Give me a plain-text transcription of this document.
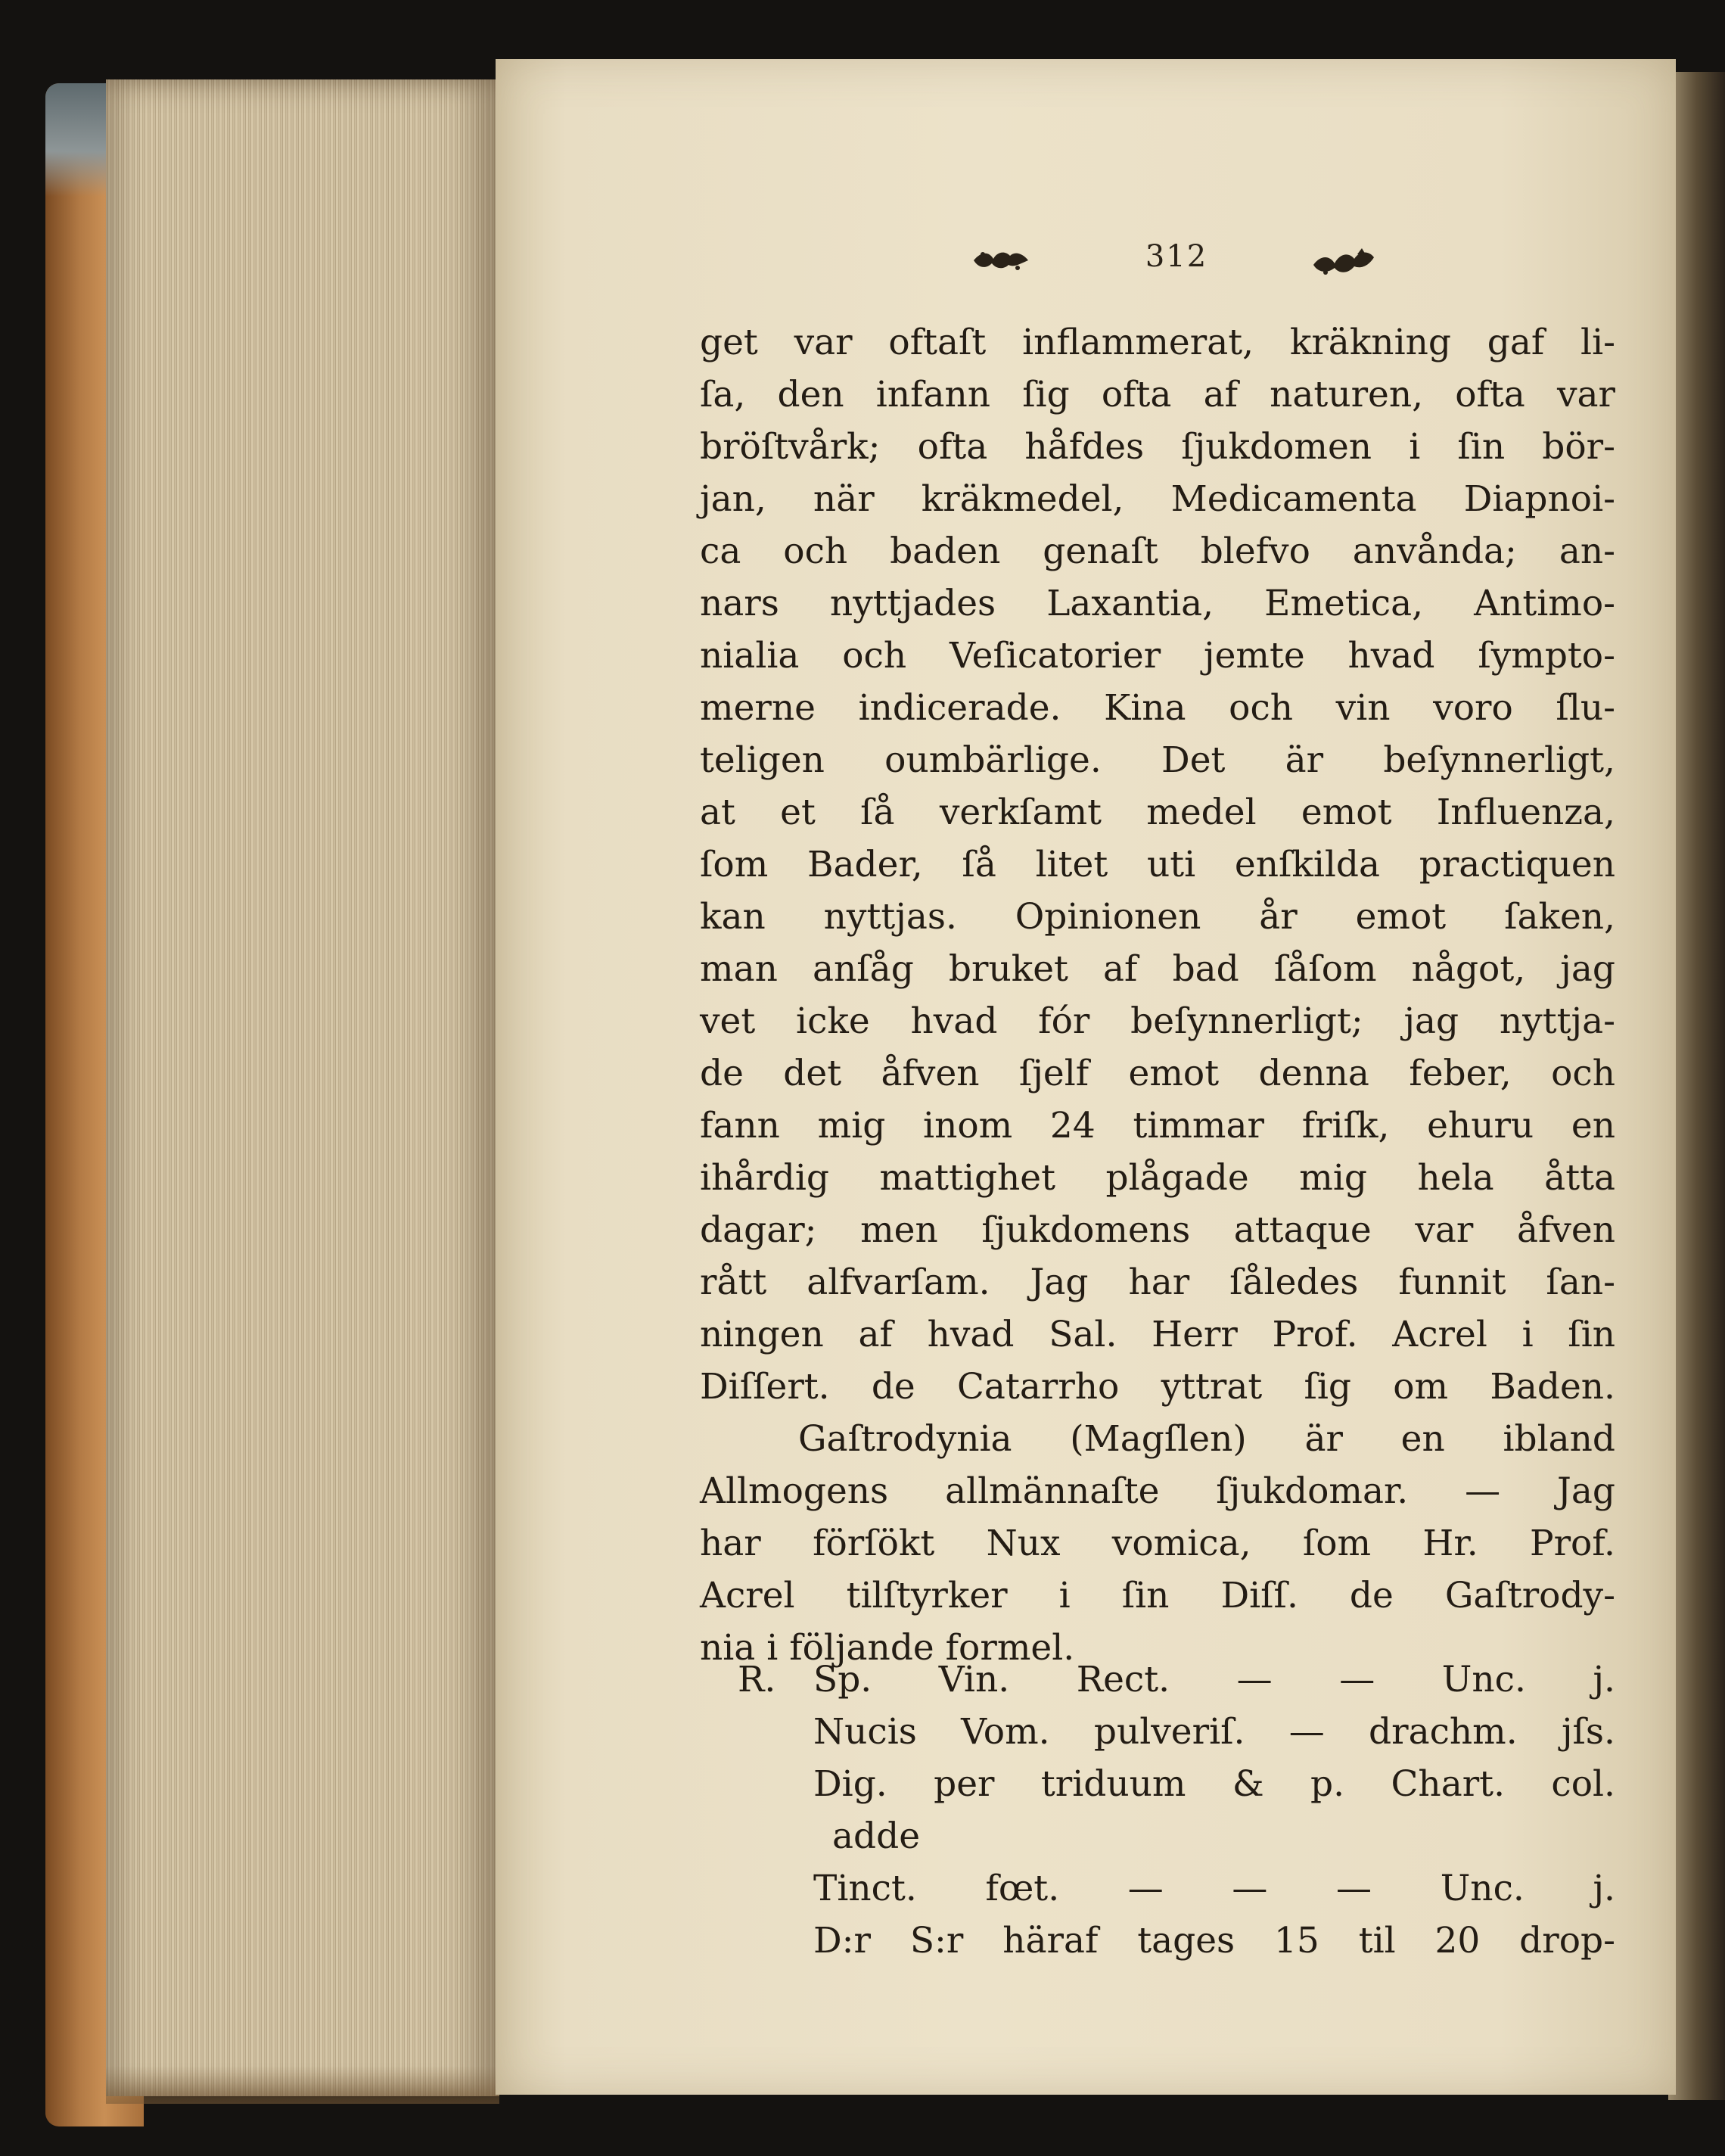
312
get var oftaſt inflammerat, kräkning gaf li-
ſa, den infann ſig ofta af naturen, ofta var
bröſtvårk; ofta håfdes ſjukdomen i ſin bör-
jan, när kräkmedel, Medicamenta Diapnoi-
ca och baden genaſt blefvo anvånda; an-
nars nyttjades Laxantia, Emetica, Antimo-
nialia och Veſicatorier jemte hvad ſympto-
merne indicerade. Kina och vin voro ſlu-
teligen oumbärlige. Det är beſynnerligt,
at et ſå verkſamt medel emot Influenza,
ſom Bader, ſå litet uti enſkilda practiquen
kan nyttjas. Opinionen år emot ſaken,
man anſåg bruket af bad ſåſom något, jag
vet icke hvad fór beſynnerligt; jag nyttja-
de det åfven ſjelf emot denna feber, och
fann mig inom 24 timmar friſk, ehuru en
ihårdig mattighet plågade mig hela åtta
dagar; men ſjukdomens attaque var åfven
rått alfvarſam. Jag har ſåledes funnit ſan-
ningen af hvad Sal. Herr Prof. Acrel i ſin
Diſſert. de Catarrho yttrat ſig om Baden.
Gaſtrodynia (Magſlen) är en ibland
Allmogens allmännaſte ſjukdomar. — Jag
har förſökt Nux vomica, ſom Hr. Prof.
Acrel tilſtyrker i ſin Diſſ. de Gaſtrody-
nia i följande formel.
R. Sp. Vin. Rect. — — Unc. j.
Nucis Vom. pulveriſ. — drachm. jſs.
Dig. per triduum & p. Chart. col.
adde
Tinct. fœt. — — — Unc. j.
D:r S:r häraf tages 15 til 20 drop-
